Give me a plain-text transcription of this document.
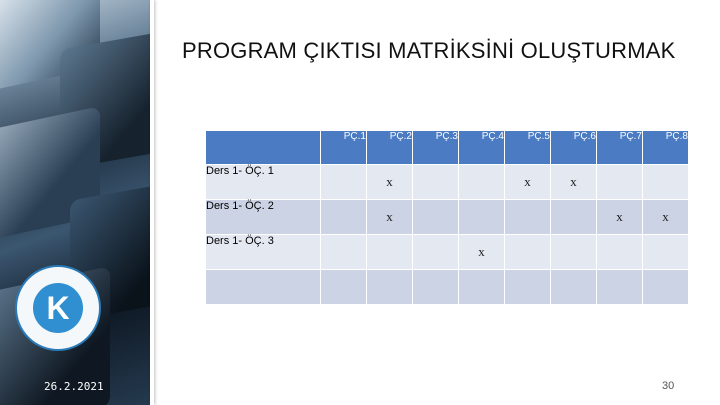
K
PROGRAM ÇIKTISI MATRİKSİNİ OLUŞTURMAK
	PÇ.1	PÇ.2	PÇ.3	PÇ.4	PÇ.5	PÇ.6	PÇ.7	PÇ.8
Ders 1- ÖÇ. 1		x			x	x		
Ders 1- ÖÇ. 2		x					x	x
Ders 1- ÖÇ. 3				x				

26.2.2021	30
